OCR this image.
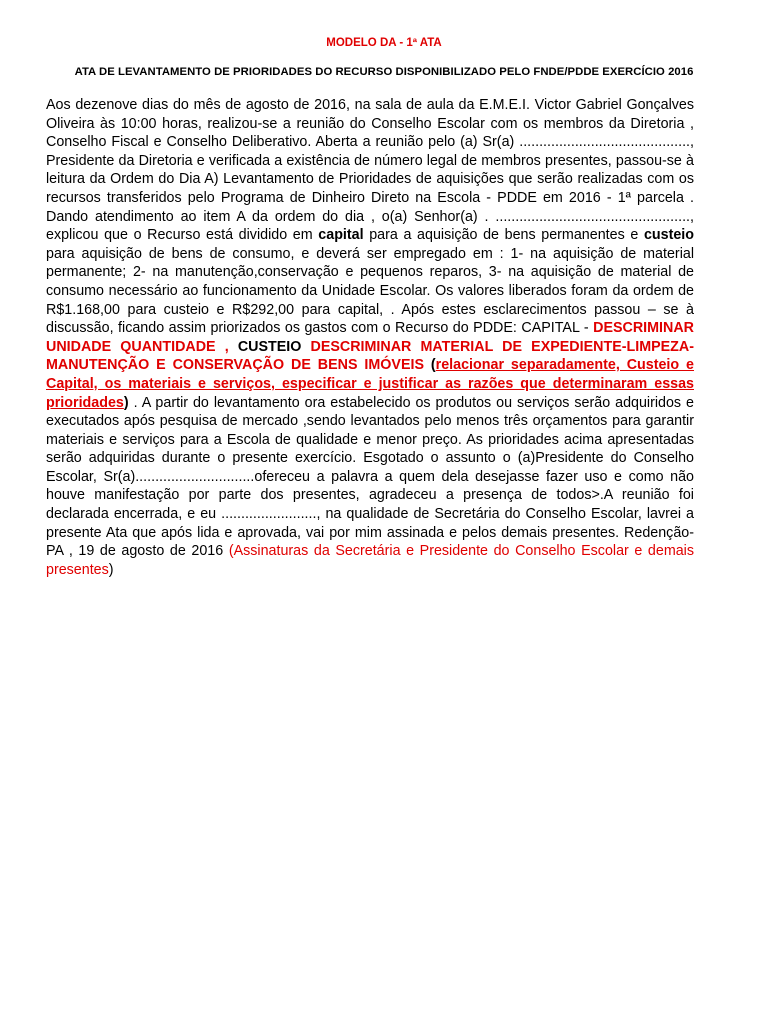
MODELO DA - 1ª ATA
ATA DE LEVANTAMENTO DE PRIORIDADES DO RECURSO DISPONIBILIZADO PELO FNDE/PDDE EXERCÍCIO 2016
Aos dezenove dias do mês de agosto de 2016, na sala de aula da E.M.E.I. Victor Gabriel Gonçalves Oliveira às 10:00 horas, realizou-se a reunião do Conselho Escolar com os membros da Diretoria , Conselho Fiscal e Conselho Deliberativo. Aberta a reunião pelo (a) Sr(a) ..........................................., Presidente da Diretoria e verificada a existência de número legal de membros presentes, passou-se à leitura da Ordem do Dia A) Levantamento de Prioridades de aquisições que serão realizadas com os recursos transferidos pelo Programa de Dinheiro Direto na Escola - PDDE em 2016 - 1ª parcela . Dando atendimento ao item A da ordem do dia , o(a) Senhor(a) . ................................................., explicou que o Recurso está dividido em capital para a aquisição de bens permanentes e custeio para aquisição de bens de consumo, e deverá ser empregado em : 1- na aquisição de material permanente; 2- na manutenção,conservação e pequenos reparos, 3- na aquisição de material de consumo necessário ao funcionamento da Unidade Escolar. Os valores liberados foram da ordem de R$1.168,00 para custeio e R$292,00 para capital, . Após estes esclarecimentos passou – se à discussão, ficando assim priorizados os gastos com o Recurso do PDDE: CAPITAL - DESCRIMINAR UNIDADE QUANTIDADE , CUSTEIO DESCRIMINAR MATERIAL DE EXPEDIENTE-LIMPEZA-MANUTENÇÃO E CONSERVAÇÃO DE BENS IMÓVEIS (relacionar separadamente, Custeio e Capital, os materiais e serviços, especificar e justificar as razões que determinaram essas prioridades) . A partir do levantamento ora estabelecido os produtos ou serviços serão adquiridos e executados após pesquisa de mercado ,sendo levantados pelo menos três orçamentos para garantir materiais e serviços para a Escola de qualidade e menor preço. As prioridades acima apresentadas serão adquiridas durante o presente exercício. Esgotado o assunto o (a)Presidente do Conselho Escolar, Sr(a)..............................ofereceu a palavra a quem dela desejasse fazer uso e como não houve manifestação por parte dos presentes, agradeceu a presença de todos>.A reunião foi declarada encerrada, e eu ........................, na qualidade de Secretária do Conselho Escolar, lavrei a presente Ata que após lida e aprovada, vai por mim assinada e pelos demais presentes. Redenção-PA , 19 de agosto de 2016 (Assinaturas da Secretária e Presidente do Conselho Escolar e demais presentes)
